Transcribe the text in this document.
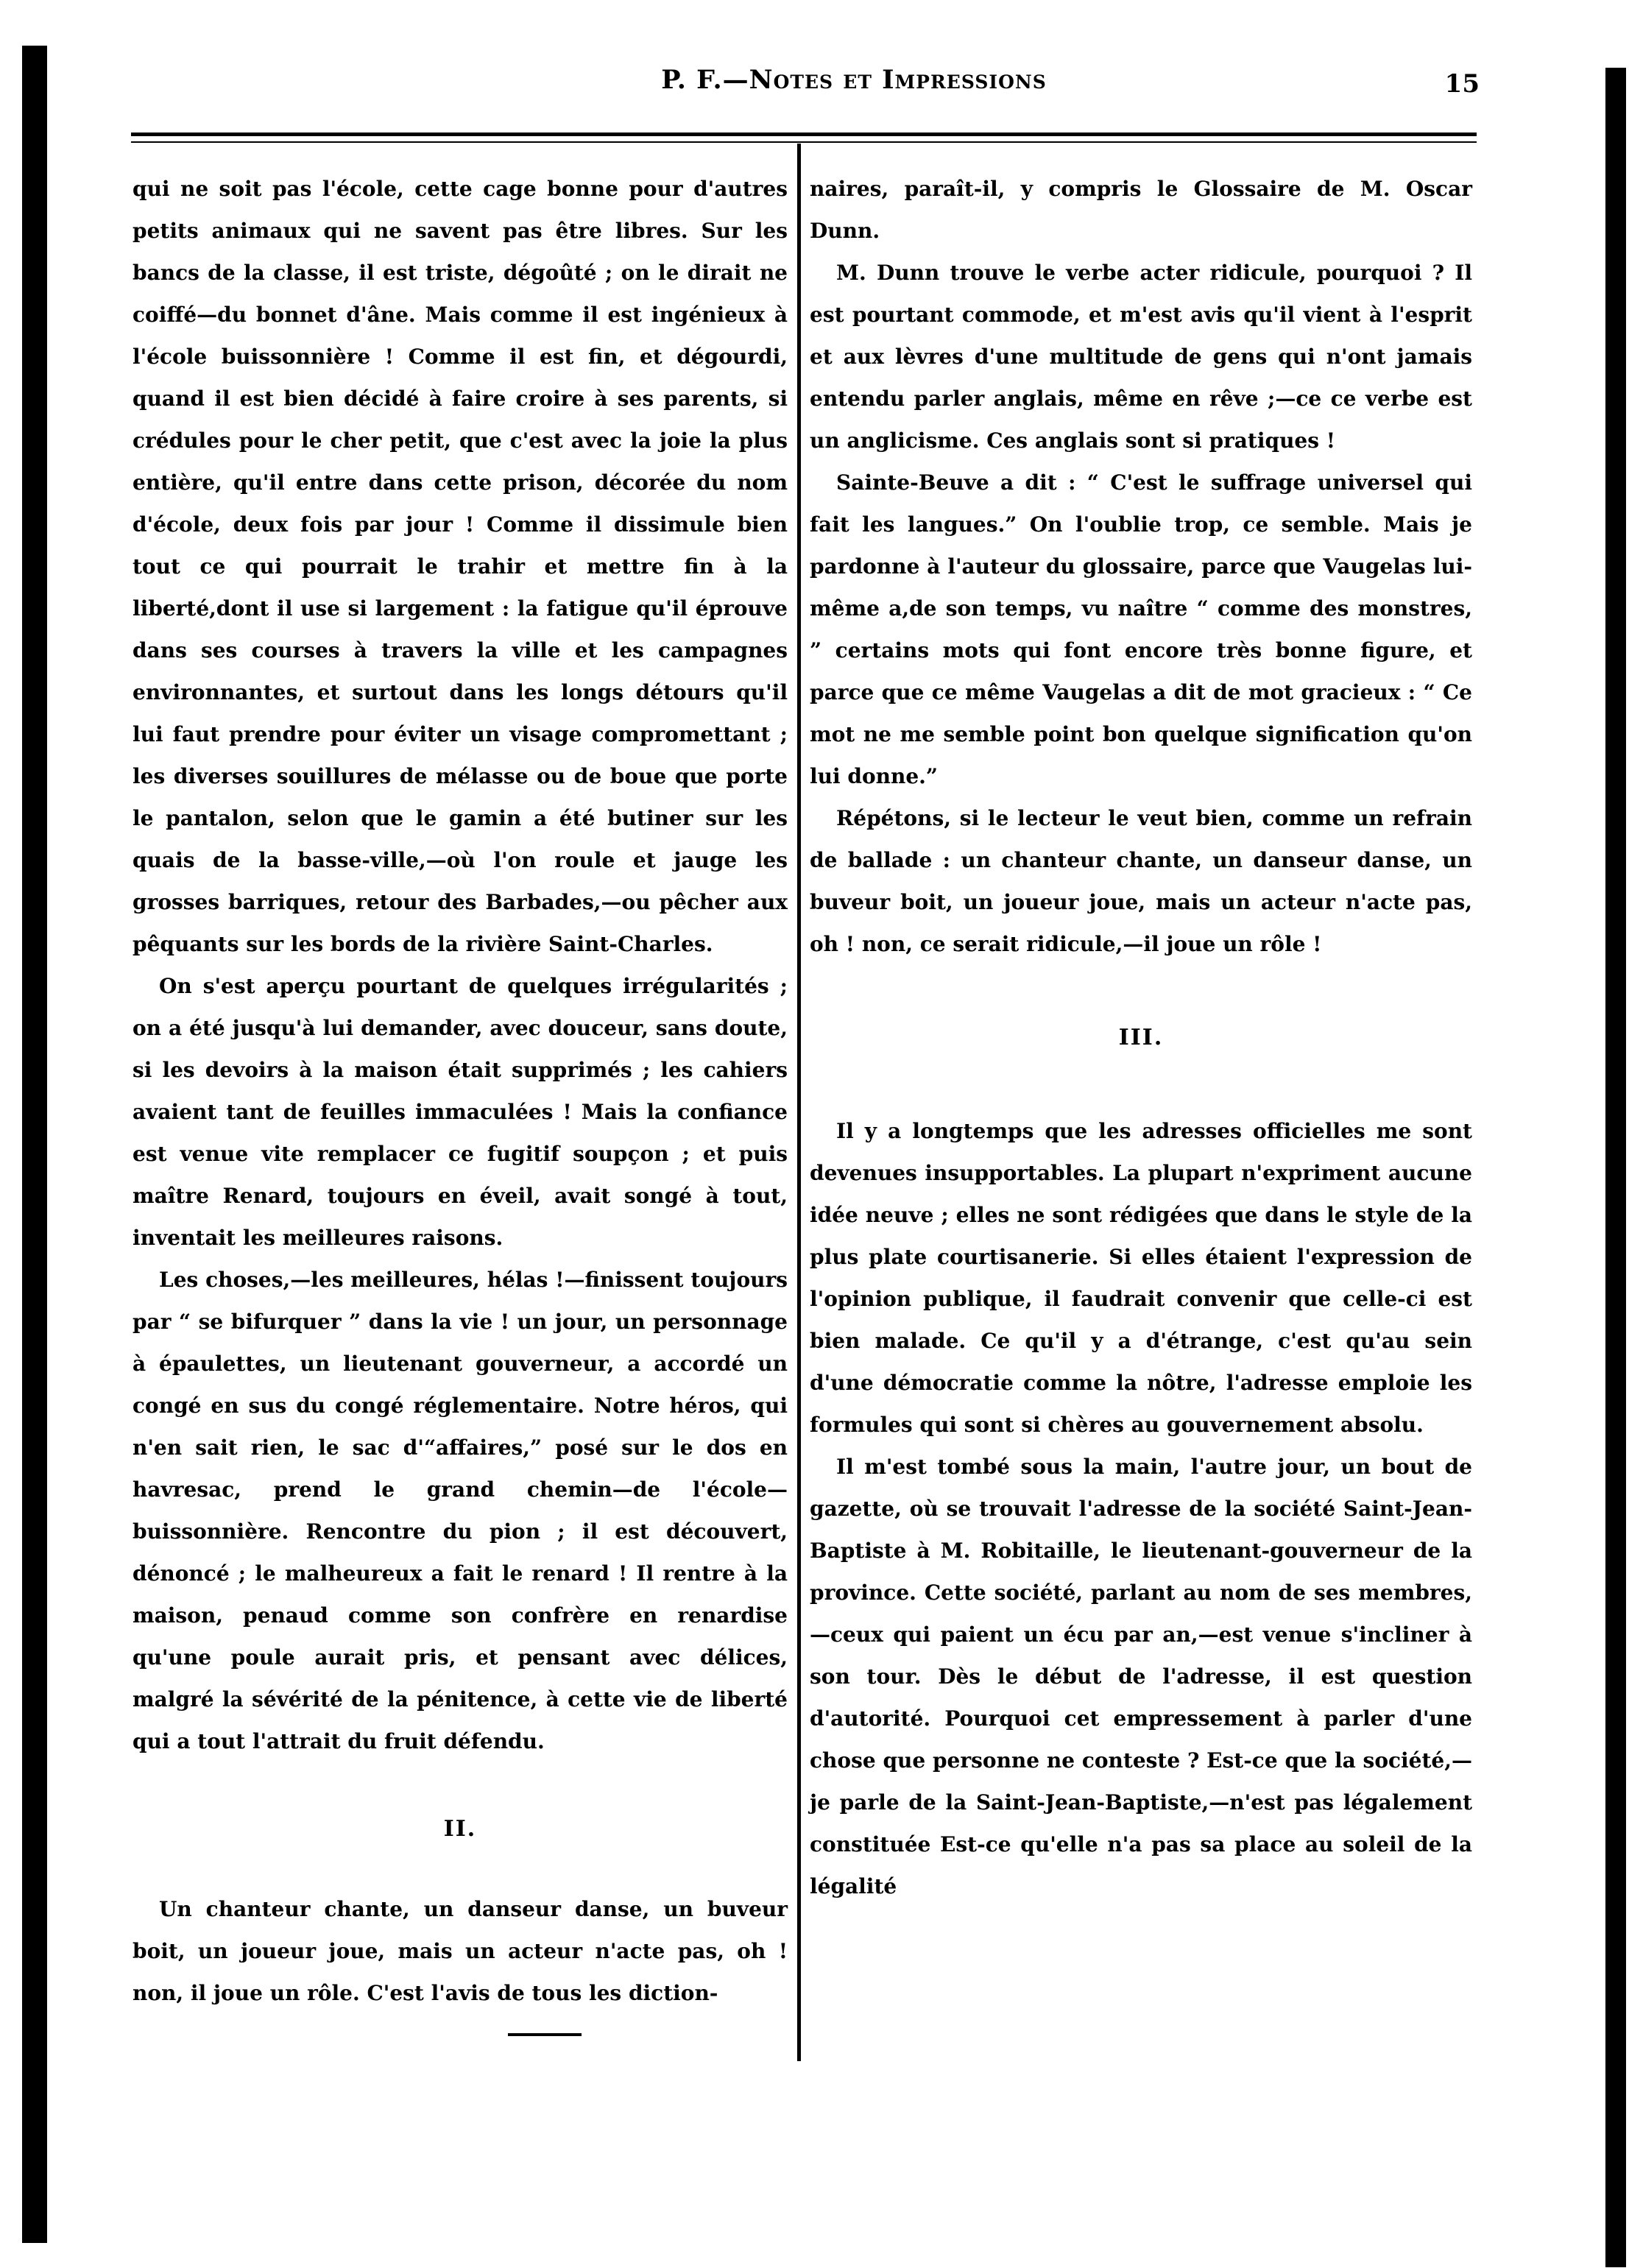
P. F.—Notes et Impressions	15

qui ne soit pas l'école, cette cage bonne pour d'autres petits animaux qui ne savent pas être libres. Sur les bancs de la classe, il est triste, dégoûté ; on le dirait ne coiffé—du bonnet d'âne. Mais comme il est ingénieux à l'école buissonnière ! Comme il est fin, et dégourdi, quand il est bien décidé à faire croire à ses parents, si crédules pour le cher petit, que c'est avec la joie la plus entière, qu'il entre dans cette prison, décorée du nom d'école, deux fois par jour ! Comme il dissimule bien tout ce qui pourrait le trahir et mettre fin à la liberté,dont il use si largement : la fatigue qu'il éprouve dans ses courses à travers la ville et les campagnes environnantes, et surtout dans les longs détours qu'il lui faut prendre pour éviter un visage compromettant ; les diverses souillures de mélasse ou de boue que porte le pantalon, selon que le gamin a été butiner sur les quais de la basse-ville,—où l'on roule et jauge les grosses barriques, retour des Barbades,—ou pêcher aux pêquants sur les bords de la rivière Saint-Charles.

On s'est aperçu pourtant de quelques irrégularités ; on a été jusqu'à lui demander, avec douceur, sans doute, si les devoirs à la maison était supprimés ; les cahiers avaient tant de feuilles immaculées ! Mais la confiance est venue vite remplacer ce fugitif soupçon ; et puis maître Renard, toujours en éveil, avait songé à tout, inventait les meilleures raisons.

Les choses,—les meilleures, hélas !—finissent toujours par “ se bifurquer ” dans la vie ! un jour, un personnage à épaulettes, un lieutenant gouverneur, a accordé un congé en sus du congé réglementaire. Notre héros, qui n'en sait rien, le sac d'“affaires,” posé sur le dos en havresac, prend le grand chemin—de l'école—buissonnière. Rencontre du pion ; il est découvert, dénoncé ; le malheureux a fait le renard ! Il rentre à la maison, penaud comme son confrère en renardise qu'une poule aurait pris, et pensant avec délices, malgré la sévérité de la pénitence, à cette vie de liberté qui a tout l'attrait du fruit défendu.

II.

Un chanteur chante, un danseur danse, un buveur boit, un joueur joue, mais un acteur n'acte pas, oh ! non, il joue un rôle. C'est l'avis de tous les diction-

naires, paraît-il, y compris le Glossaire de M. Oscar Dunn.

M. Dunn trouve le verbe acter ridicule, pourquoi ? Il est pourtant commode, et m'est avis qu'il vient à l'esprit et aux lèvres d'une multitude de gens qui n'ont jamais entendu parler anglais, même en rêve ;—ce ce verbe est un anglicisme. Ces anglais sont si pratiques !

Sainte-Beuve a dit : “ C'est le suffrage universel qui fait les langues.” On l'oublie trop, ce semble. Mais je pardonne à l'auteur du glossaire, parce que Vaugelas lui-même a,de son temps, vu naître “ comme des monstres, ” certains mots qui font encore très bonne figure, et parce que ce même Vaugelas a dit de mot gracieux : “ Ce mot ne me semble point bon quelque signification qu'on lui donne.”

Répétons, si le lecteur le veut bien, comme un refrain de ballade : un chanteur chante, un danseur danse, un buveur boit, un joueur joue, mais un acteur n'acte pas, oh ! non, ce serait ridicule,—il joue un rôle !

III.

Il y a longtemps que les adresses officielles me sont devenues insupportables. La plupart n'expriment aucune idée neuve ; elles ne sont rédigées que dans le style de la plus plate courtisanerie. Si elles étaient l'expression de l'opinion publique, il faudrait convenir que celle-ci est bien malade. Ce qu'il y a d'étrange, c'est qu'au sein d'une démocratie comme la nôtre, l'adresse emploie les formules qui sont si chères au gouvernement absolu.

Il m'est tombé sous la main, l'autre jour, un bout de gazette, où se trouvait l'adresse de la société Saint-Jean-Baptiste à M. Robitaille, le lieutenant-gouverneur de la province. Cette société, parlant au nom de ses membres,—ceux qui paient un écu par an,—est venue s'incliner à son tour. Dès le début de l'adresse, il est question d'autorité. Pourquoi cet empressement à parler d'une chose que personne ne conteste ? Est-ce que la société,—je parle de la Saint-Jean-Baptiste,—n'est pas légalement constituée Est-ce qu'elle n'a pas sa place au soleil de la légalité
